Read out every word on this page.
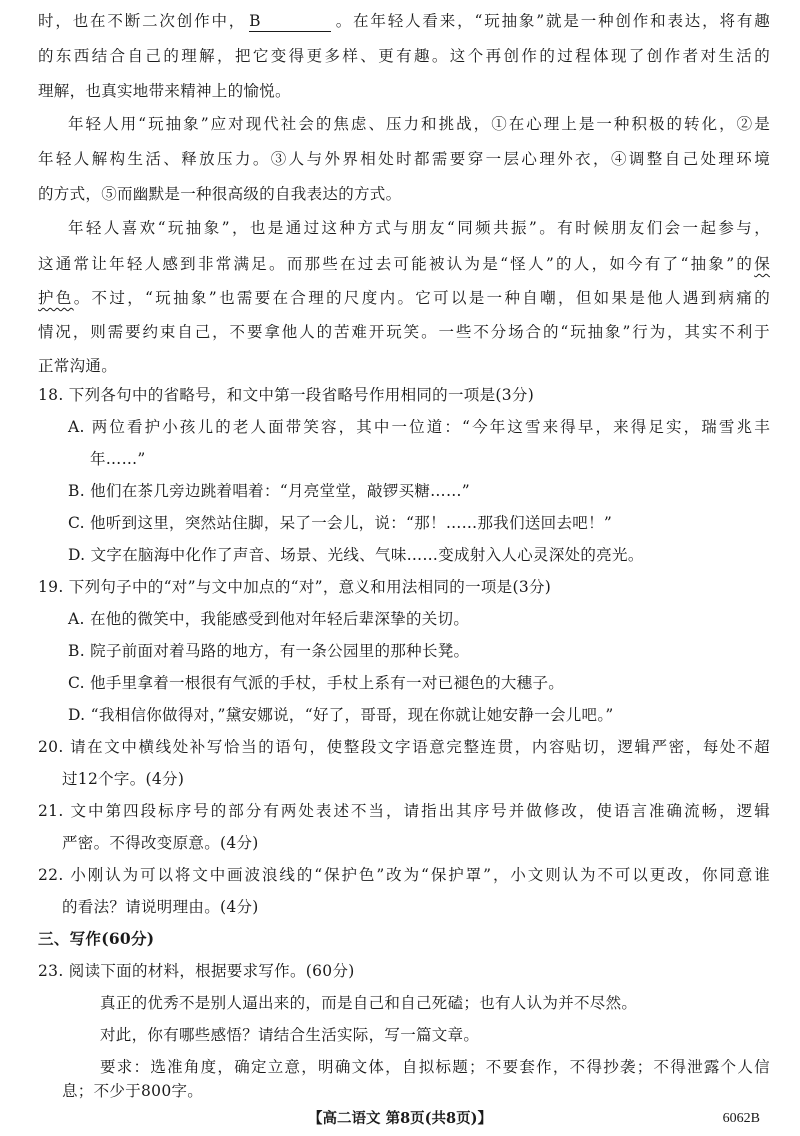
时，也在不断二次创作中， B	。在年轻人看来，“玩抽象”就是一种创作和表达，将有趣
的东西结合自己的理解，把它变得更多样、更有趣。这个再创作的过程体现了创作者对生活的
理解，也真实地带来精神上的愉悦。
年轻人用“玩抽象”应对现代社会的焦虑、压力和挑战，①在心理上是一种积极的转化，②是
年轻人解构生活、释放压力。③人与外界相处时都需要穿一层心理外衣，④调整自己处理环境
的方式，⑤而幽默是一种很高级的自我表达的方式。
年轻人喜欢“玩抽象”，也是通过这种方式与朋友“同频共振”。有时候朋友们会一起参与，
这通常让年轻人感到非常满足。而那些在过去可能被认为是“怪人”的人，如今有了“抽象”的保
护色。不过，“玩抽象”也需要在合理的尺度内。它可以是一种自嘲，但如果是他人遇到病痛的
情况，则需要约束自己，不要拿他人的苦难开玩笑。一些不分场合的“玩抽象”行为，其实不利于
正常沟通。
18. 下列各句中的省略号，和文中第一段省略号作用相同的一项是(3分)
A. 两位看护小孩儿的老人面带笑容，其中一位道：“今年这雪来得早，来得足实，瑞雪兆丰
年……”
B. 他们在茶几旁边跳着唱着：“月亮堂堂，敲锣买糖……”
C. 他听到这里，突然站住脚，呆了一会儿，说：“那！……那我们送回去吧！”
D. 文字在脑海中化作了声音、场景、光线、气味……变成射入人心灵深处的亮光。
19. 下列句子中的“对”与文中加点的“对”，意义和用法相同的一项是(3分)
A. 在他的微笑中，我能感受到他对年轻后辈深挚的关切。
B. 院子前面对着马路的地方，有一条公园里的那种长凳。
C. 他手里拿着一根很有气派的手杖，手杖上系有一对已褪色的大穗子。
D. “我相信你做得对，”黛安娜说，“好了，哥哥，现在你就让她安静一会儿吧。”
20. 请在文中横线处补写恰当的语句，使整段文字语意完整连贯，内容贴切，逻辑严密，每处不超
过12个字。(4分)
21. 文中第四段标序号的部分有两处表述不当，请指出其序号并做修改，使语言准确流畅，逻辑
严密。不得改变原意。(4分)
22. 小刚认为可以将文中画波浪线的“保护色”改为“保护罩”，小文则认为不可以更改，你同意谁
的看法？请说明理由。(4分)
三、写作(60分)
23. 阅读下面的材料，根据要求写作。(60分)
真正的优秀不是别人逼出来的，而是自己和自己死磕；也有人认为并不尽然。
【高二语文 第8页(共8页)】	6062B
对此，你有哪些感悟？请结合生活实际，写一篇文章。
要求：选准角度，确定立意，明确文体，自拟标题；不要套作，不得抄袭；不得泄露个人信
息；不少于800字。
